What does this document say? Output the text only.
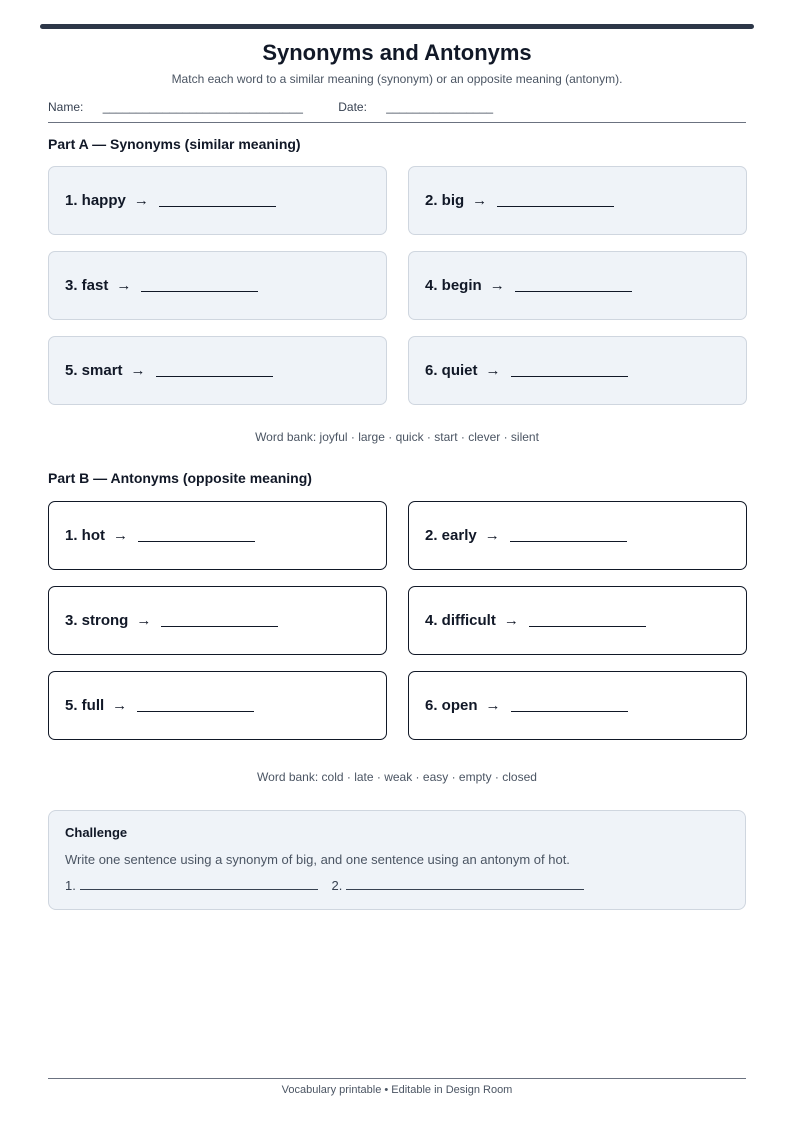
Synonyms and Antonyms
Match each word to a similar meaning (synonym) or an opposite meaning (antonym).
Name: ______________________________	Date: ________________
Part A — Synonyms (similar meaning)
1. happy →	2. big →
3. fast →	4. begin →
5. smart →	6. quiet →
Word bank: joyful · large · quick · start · clever · silent
Part B — Antonyms (opposite meaning)
1. hot →	2. early →
3. strong →	4. difficult →
5. full →	6. open →
Word bank: cold · late · weak · easy · empty · closed
Challenge
Write one sentence using a synonym of big, and one sentence using an antonym of hot.
1.	2.
Vocabulary printable • Editable in Design Room
